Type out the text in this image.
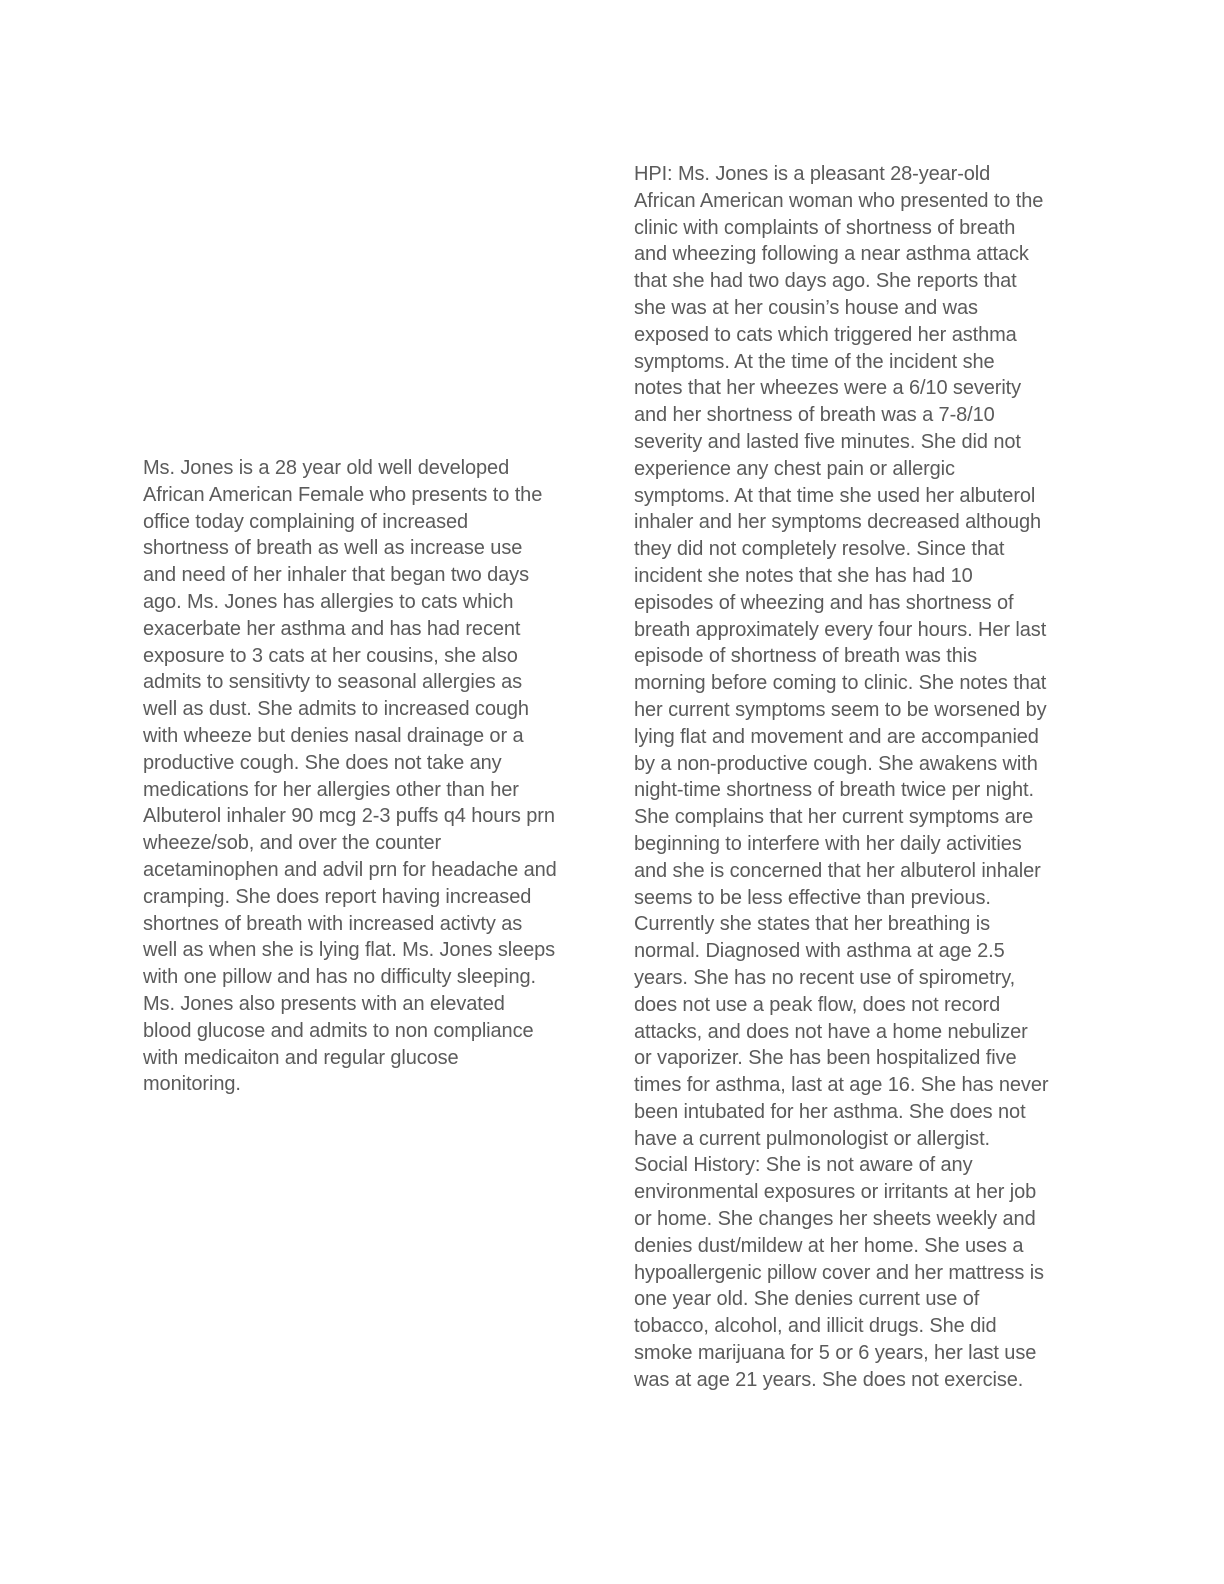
Ms. Jones is a 28 year old well developed
African American Female who presents to the
office today complaining of increased
shortness of breath as well as increase use
and need of her inhaler that began two days
ago. Ms. Jones has allergies to cats which
exacerbate her asthma and has had recent
exposure to 3 cats at her cousins, she also
admits to sensitivty to seasonal allergies as
well as dust. She admits to increased cough
with wheeze but denies nasal drainage or a
productive cough. She does not take any
medications for her allergies other than her
Albuterol inhaler 90 mcg 2-3 puffs q4 hours prn
wheeze/sob, and over the counter
acetaminophen and advil prn for headache and
cramping. She does report having increased
shortnes of breath with increased activty as
well as when she is lying flat. Ms. Jones sleeps
with one pillow and has no difficulty sleeping.
Ms. Jones also presents with an elevated
blood glucose and admits to non compliance
with medicaiton and regular glucose
monitoring.
HPI: Ms. Jones is a pleasant 28-year-old
African American woman who presented to the
clinic with complaints of shortness of breath
and wheezing following a near asthma attack
that she had two days ago. She reports that
she was at her cousin’s house and was
exposed to cats which triggered her asthma
symptoms. At the time of the incident she
notes that her wheezes were a 6/10 severity
and her shortness of breath was a 7-8/10
severity and lasted five minutes. She did not
experience any chest pain or allergic
symptoms. At that time she used her albuterol
inhaler and her symptoms decreased although
they did not completely resolve. Since that
incident she notes that she has had 10
episodes of wheezing and has shortness of
breath approximately every four hours. Her last
episode of shortness of breath was this
morning before coming to clinic. She notes that
her current symptoms seem to be worsened by
lying flat and movement and are accompanied
by a non-productive cough. She awakens with
night-time shortness of breath twice per night.
She complains that her current symptoms are
beginning to interfere with her daily activities
and she is concerned that her albuterol inhaler
seems to be less effective than previous.
Currently she states that her breathing is
normal. Diagnosed with asthma at age 2.5
years. She has no recent use of spirometry,
does not use a peak flow, does not record
attacks, and does not have a home nebulizer
or vaporizer. She has been hospitalized five
times for asthma, last at age 16. She has never
been intubated for her asthma. She does not
have a current pulmonologist or allergist.
Social History: She is not aware of any
environmental exposures or irritants at her job
or home. She changes her sheets weekly and
denies dust/mildew at her home. She uses a
hypoallergenic pillow cover and her mattress is
one year old. She denies current use of
tobacco, alcohol, and illicit drugs. She did
smoke marijuana for 5 or 6 years, her last use
was at age 21 years. She does not exercise.
